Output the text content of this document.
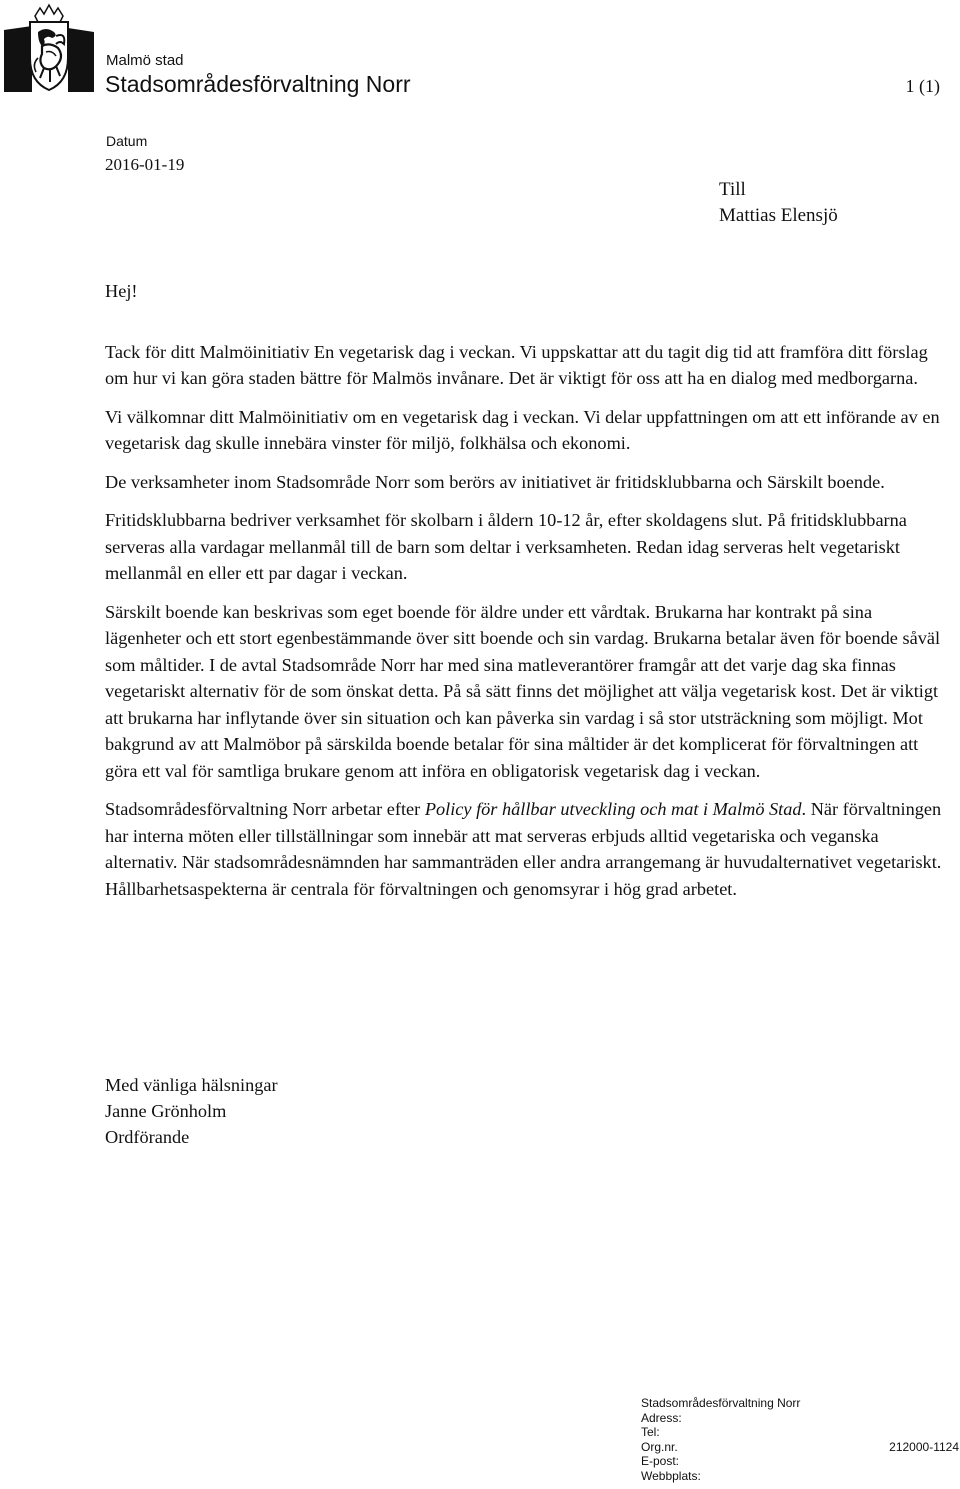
Malmö stad
Stadsområdesförvaltning Norr	1 (1)
Datum
2016-01-19
Till
Mattias Elensjö

Hej!

Tack för ditt Malmöinitiativ En vegetarisk dag i veckan. Vi uppskattar att du tagit dig tid att framföra ditt förslag om hur vi kan göra staden bättre för Malmös invånare. Det är viktigt för oss att ha en dialog med medborgarna.

Vi välkomnar ditt Malmöinitiativ om en vegetarisk dag i veckan. Vi delar uppfattningen om att ett införande av en vegetarisk dag skulle innebära vinster för miljö, folkhälsa och ekonomi.

De verksamheter inom Stadsområde Norr som berörs av initiativet är fritidsklubbarna och Särskilt boende.

Fritidsklubbarna bedriver verksamhet för skolbarn i åldern 10-12 år, efter skoldagens slut. På fritidsklubbarna serveras alla vardagar mellanmål till de barn som deltar i verksamheten. Redan idag serveras helt vegetariskt mellanmål en eller ett par dagar i veckan.

Särskilt boende kan beskrivas som eget boende för äldre under ett vårdtak. Brukarna har kontrakt på sina lägenheter och ett stort egenbestämmande över sitt boende och sin vardag. Brukarna betalar även för boende såväl som måltider. I de avtal Stadsområde Norr har med sina matleverantörer framgår att det varje dag ska finnas vegetariskt alternativ för de som önskat detta. På så sätt finns det möjlighet att välja vegetarisk kost. Det är viktigt att brukarna har inflytande över sin situation och kan påverka sin vardag i så stor utsträckning som möjligt. Mot bakgrund av att Malmöbor på särskilda boende betalar för sina måltider är det komplicerat för förvaltningen att göra ett val för samtliga brukare genom att införa en obligatorisk vegetarisk dag i veckan.

Stadsområdesförvaltning Norr arbetar efter Policy för hållbar utveckling och mat i Malmö Stad. När förvaltningen har interna möten eller tillställningar som innebär att mat serveras erbjuds alltid vegetariska och veganska alternativ. När stadsområdesnämnden har sammanträden eller andra arrangemang är huvudalternativet vegetariskt. Hållbarhetsaspekterna är centrala för förvaltningen och genomsyrar i hög grad arbetet.

Med vänliga hälsningar
Janne Grönholm
Ordförande
Stadsområdesförvaltning Norr
Adress:
Tel:
Org.nr.	212000-1124
E-post:
Webbplats:
